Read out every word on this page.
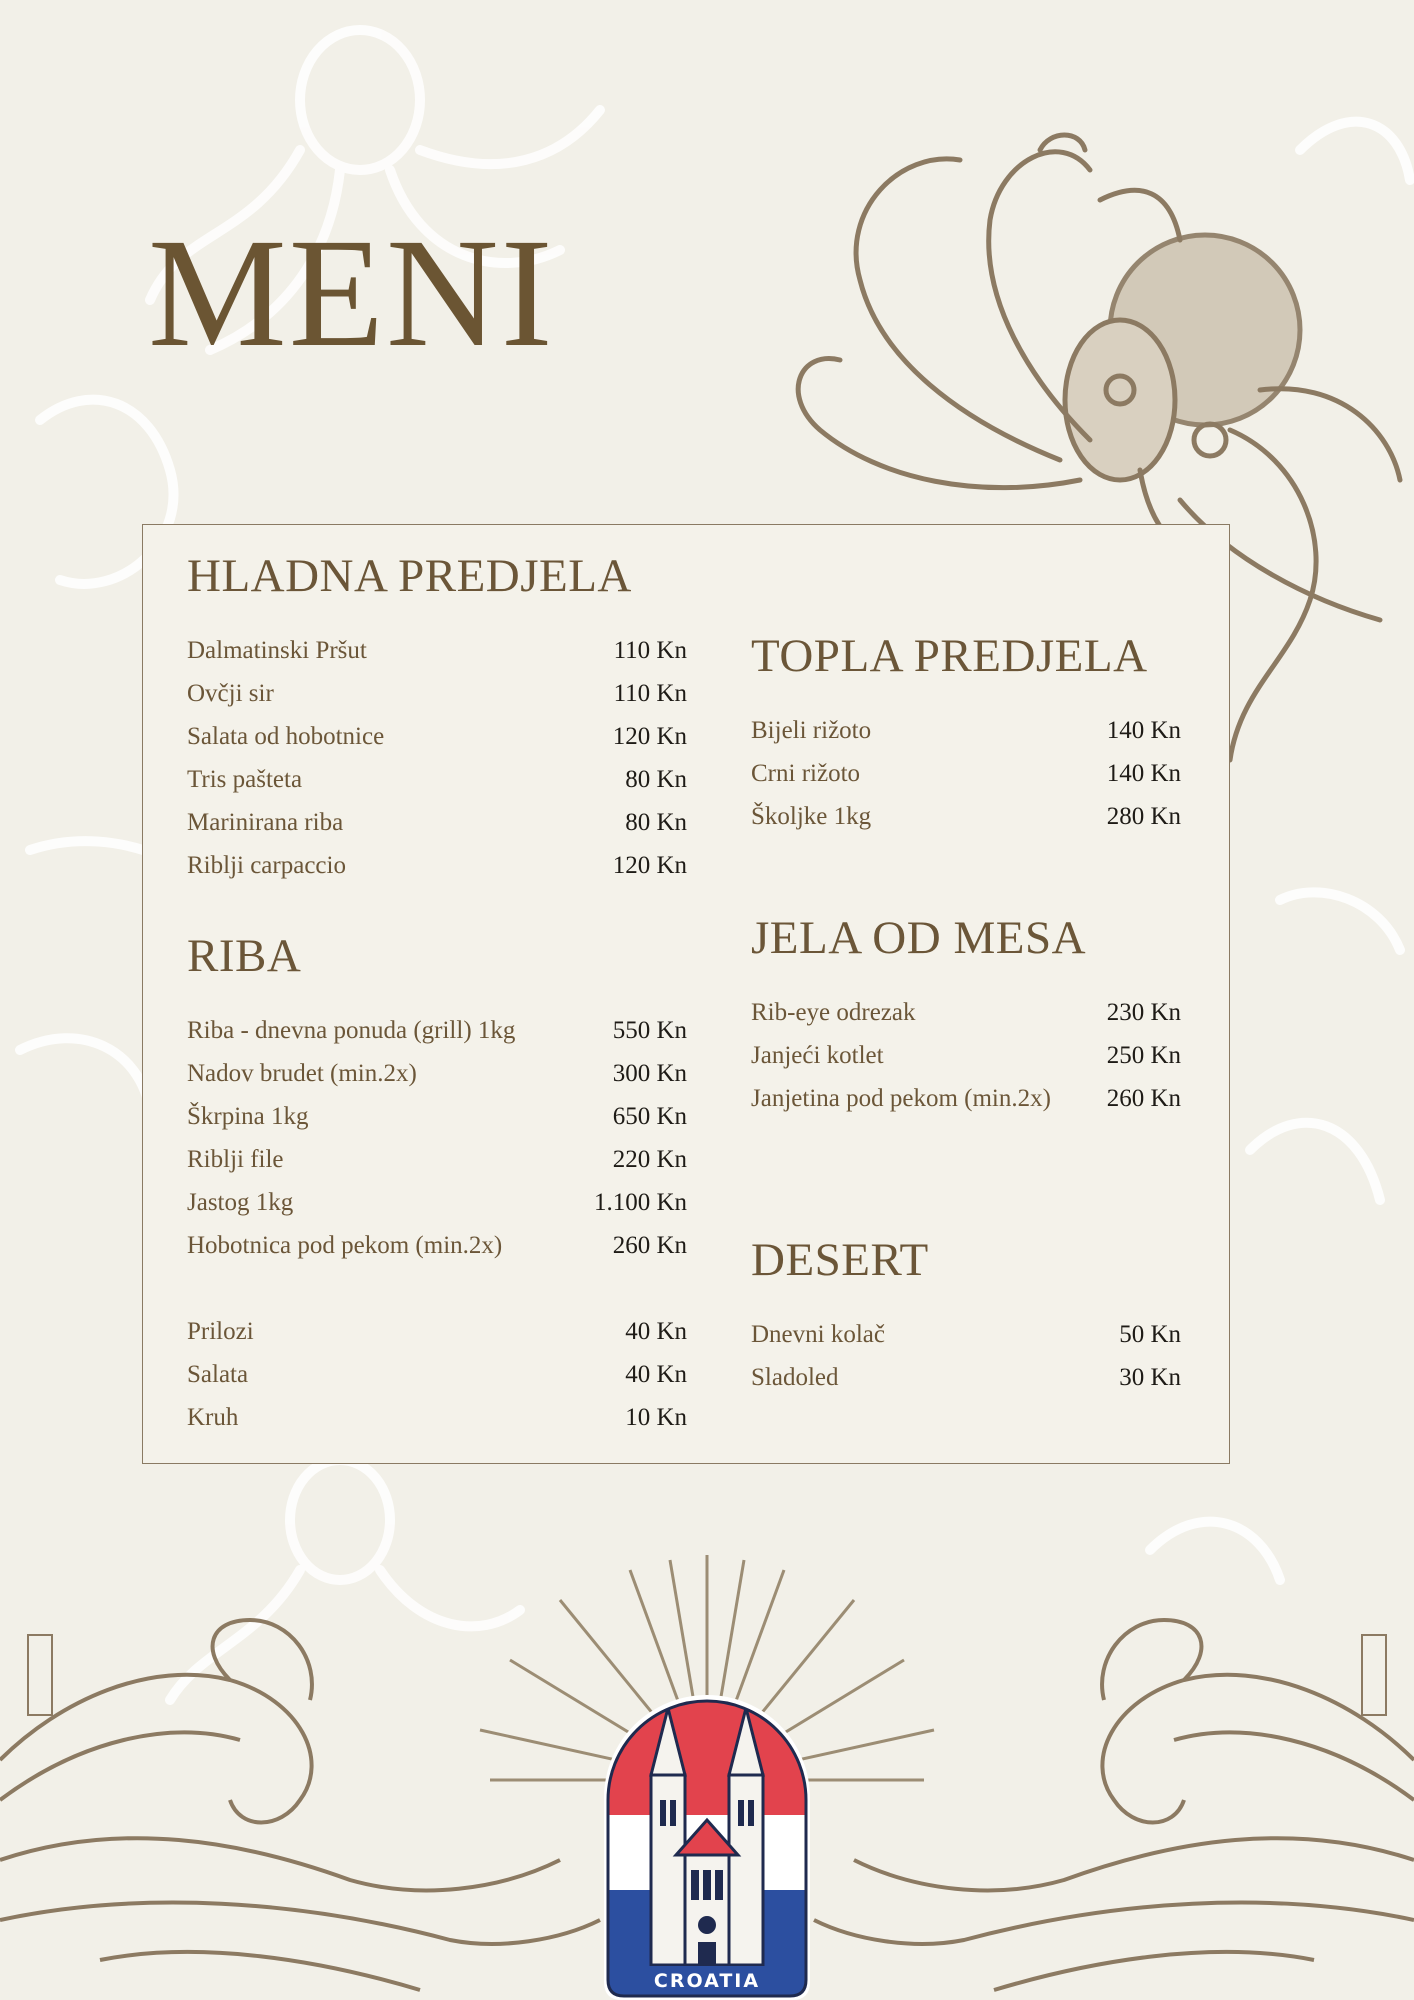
MENI
HLADNA PREDJELA
Dalmatinski Pršut	110 Kn
Ovčji sir	110 Kn
Salata od hobotnice	120 Kn
Tris pašteta	80 Kn
Marinirana riba	80 Kn
Riblji carpaccio	120 Kn
RIBA
Riba - dnevna ponuda (grill) 1kg	550 Kn
Nadov brudet (min.2x)	300 Kn
Škrpina 1kg	650 Kn
Riblji file	220 Kn
Jastog 1kg	1.100 Kn
Hobotnica pod pekom (min.2x)	260 Kn
Prilozi	40 Kn
Salata	40 Kn
Kruh	10 Kn
TOPLA PREDJELA
Bijeli rižoto	140 Kn
Crni rižoto	140 Kn
Školjke 1kg	280 Kn
JELA OD MESA
Rib-eye odrezak	230 Kn
Janjeći kotlet	250 Kn
Janjetina pod pekom (min.2x) 260 Kn
DESERT
Dnevni kolač	50 Kn
Sladoled	30 Kn
CROATIA
